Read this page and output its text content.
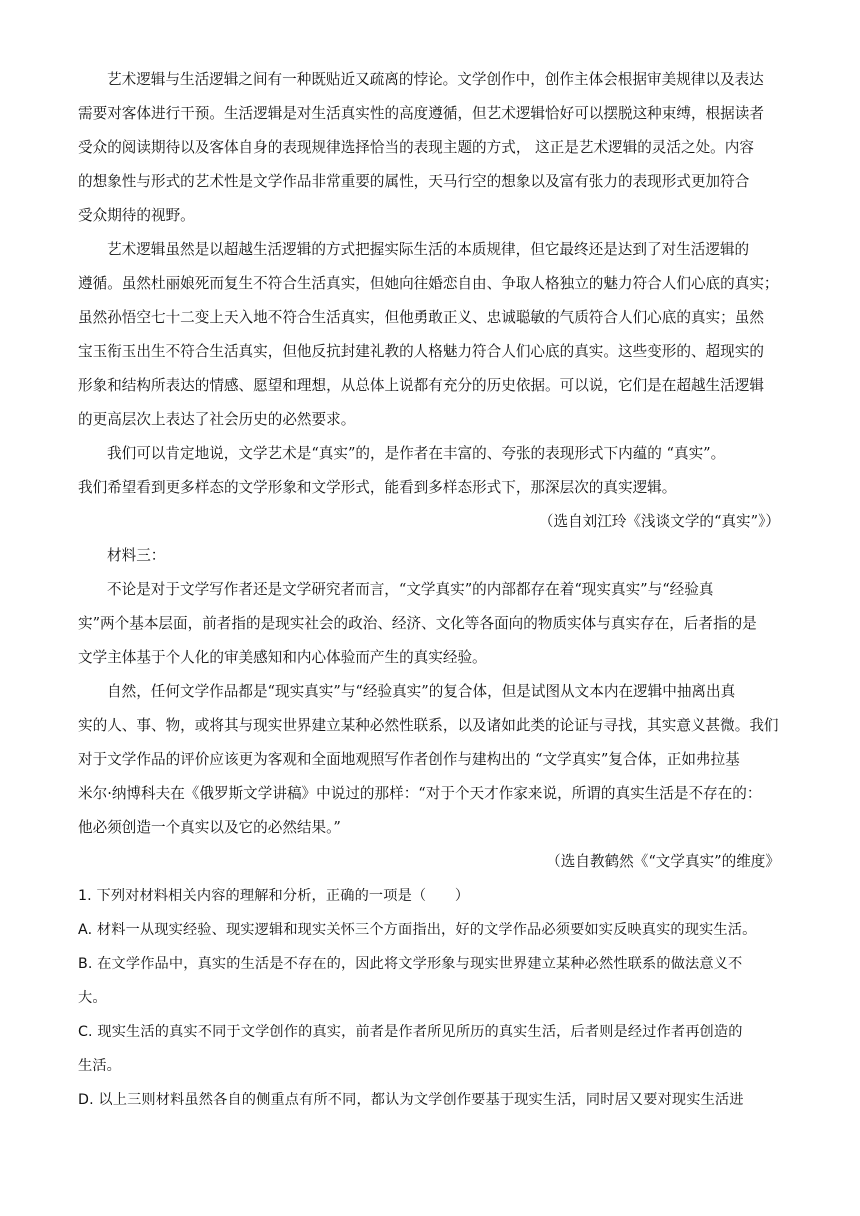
艺术逻辑与生活逻辑之间有一种既贴近又疏离的悖论。文学创作中，创作主体会根据审美规律以及表达
需要对客体进行干预。生活逻辑是对生活真实性的高度遵循，但艺术逻辑恰好可以摆脱这种束缚，根据读者
受众的阅读期待以及客体自身的表现规律选择恰当的表现主题的方式， 这正是艺术逻辑的灵活之处。内容
的想象性与形式的艺术性是文学作品非常重要的属性，天马行空的想象以及富有张力的表现形式更加符合
受众期待的视野。
艺术逻辑虽然是以超越生活逻辑的方式把握实际生活的本质规律，但它最终还是达到了对生活逻辑的
遵循。虽然杜丽娘死而复生不符合生活真实，但她向往婚恋自由、争取人格独立的魅力符合人们心底的真实；
虽然孙悟空七十二变上天入地不符合生活真实，但他勇敢正义、忠诚聪敏的气质符合人们心底的真实；虽然
宝玉衔玉出生不符合生活真实，但他反抗封建礼教的人格魅力符合人们心底的真实。这些变形的、超现实的
形象和结构所表达的情感、愿望和理想，从总体上说都有充分的历史依据。可以说，它们是在超越生活逻辑
的更高层次上表达了社会历史的必然要求。
我们可以肯定地说，文学艺术是“真实”的，是作者在丰富的、夸张的表现形式下内蕴的 “真实”。
我们希望看到更多样态的文学形象和文学形式，能看到多样态形式下，那深层次的真实逻辑。
（选自刘江玲《浅谈文学的“真实”》）
材料三：
不论是对于文学写作者还是文学研究者而言，“文学真实”的内部都存在着“现实真实”与“经验真
实”两个基本层面，前者指的是现实社会的政治、经济、文化等各面向的物质实体与真实存在，后者指的是
文学主体基于个人化的审美感知和内心体验而产生的真实经验。
自然，任何文学作品都是“现实真实”与“经验真实”的复合体，但是试图从文本内在逻辑中抽离出真
实的人、事、物，或将其与现实世界建立某种必然性联系，以及诸如此类的论证与寻找，其实意义甚微。我们
对于文学作品的评价应该更为客观和全面地观照写作者创作与建构出的 “文学真实”复合体，正如弗拉基
米尔·纳博科夫在《俄罗斯文学讲稿》中说过的那样：“对于个天才作家来说，所谓的真实生活是不存在的：
他必须创造一个真实以及它的必然结果。”
（选自教鹤然《“文学真实”的维度》
1. 下列对材料相关内容的理解和分析，正确的一项是（　　）
A. 材料一从现实经验、现实逻辑和现实关怀三个方面指出，好的文学作品必须要如实反映真实的现实生活。
B. 在文学作品中，真实的生活是不存在的，因此将文学形象与现实世界建立某种必然性联系的做法意义不
大。
C. 现实生活的真实不同于文学创作的真实，前者是作者所见所历的真实生活，后者则是经过作者再创造的
生活。
D. 以上三则材料虽然各自的侧重点有所不同，都认为文学创作要基于现实生活，同时居又要对现实生活进
